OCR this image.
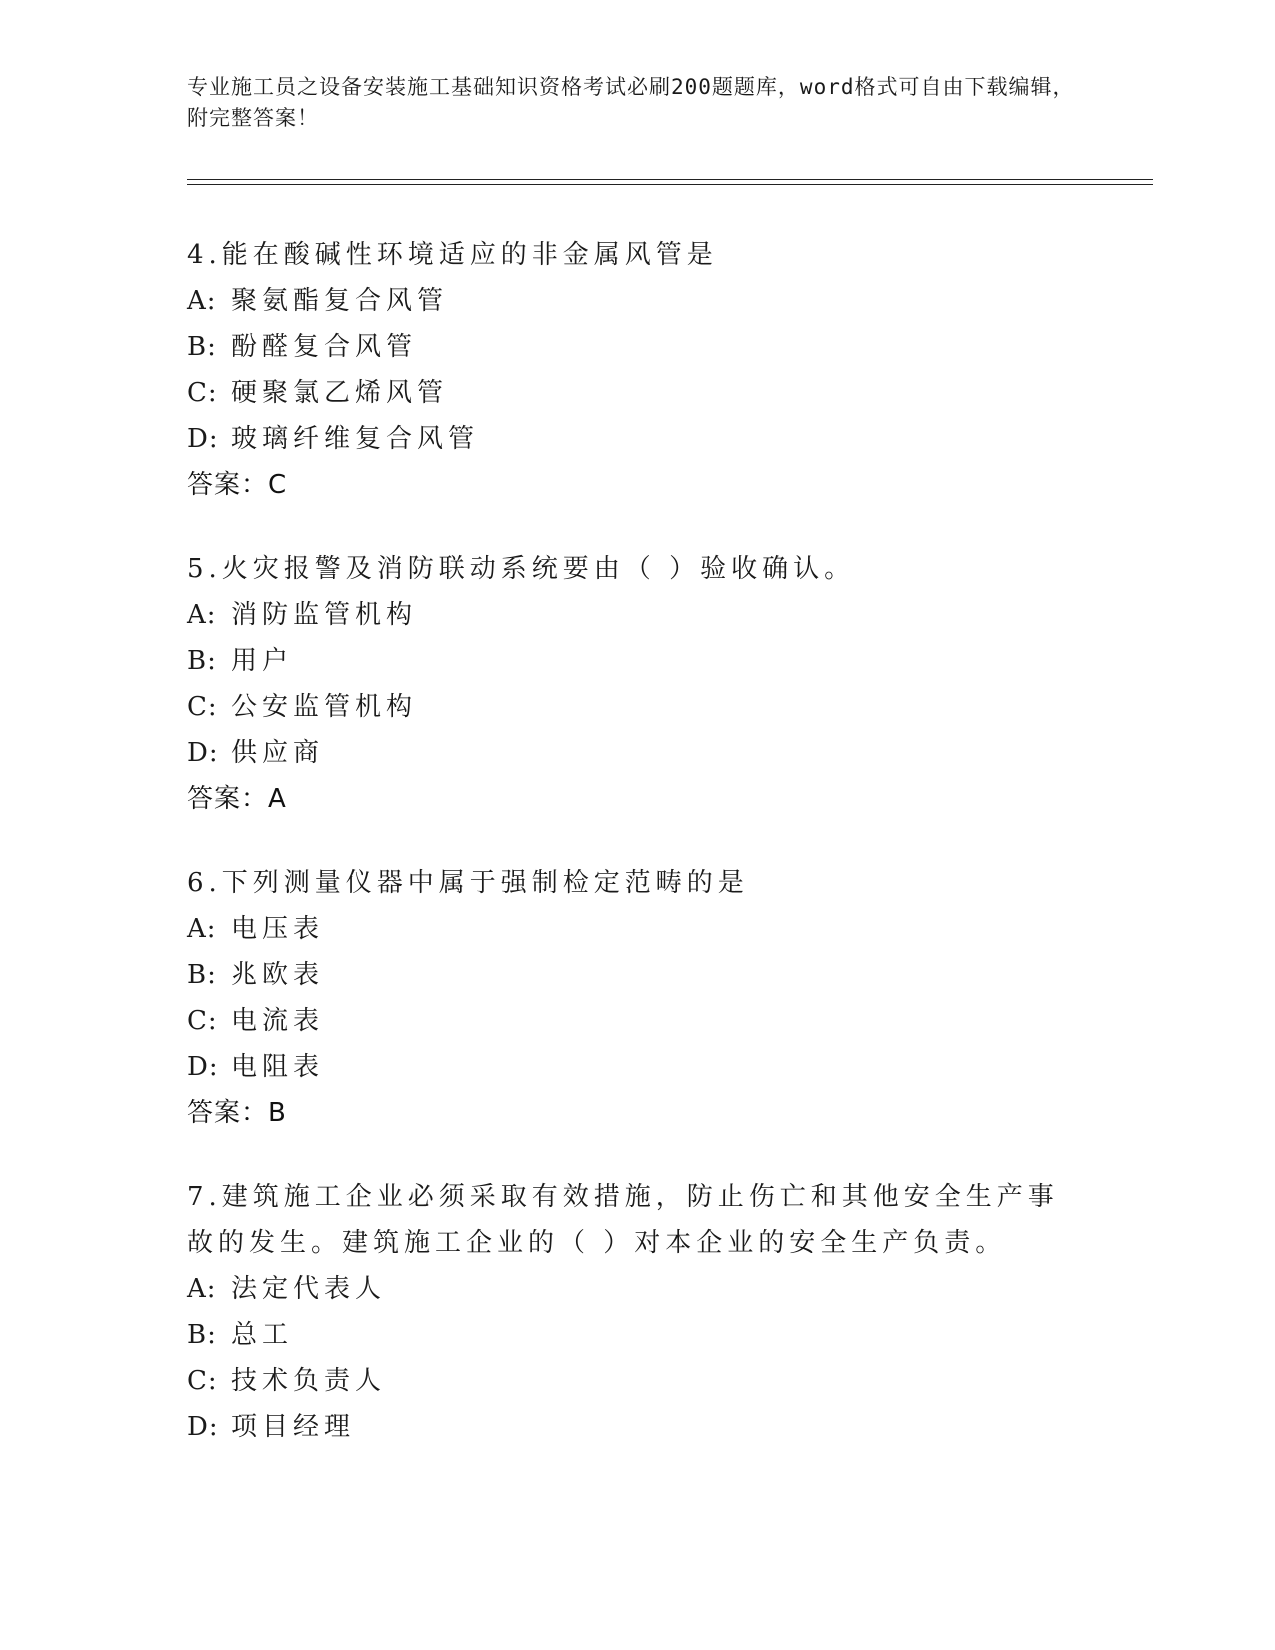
专业施工员之设备安装施工基础知识资格考试必刷200题题库，word格式可自由下载编辑，附完整答案！
4.能在酸碱性环境适应的非金属风管是
A: 聚氨酯复合风管
B: 酚醛复合风管
C: 硬聚氯乙烯风管
D: 玻璃纤维复合风管
答案：C
5.火灾报警及消防联动系统要由（ ）验收确认。
A: 消防监管机构
B: 用户
C: 公安监管机构
D: 供应商
答案：A
6.下列测量仪器中属于强制检定范畴的是
A: 电压表
B: 兆欧表
C: 电流表
D: 电阻表
答案：B
7.建筑施工企业必须采取有效措施，防止伤亡和其他安全生产事故的发生。建筑施工企业的（ ）对本企业的安全生产负责。
A: 法定代表人
B: 总工
C: 技术负责人
D: 项目经理
